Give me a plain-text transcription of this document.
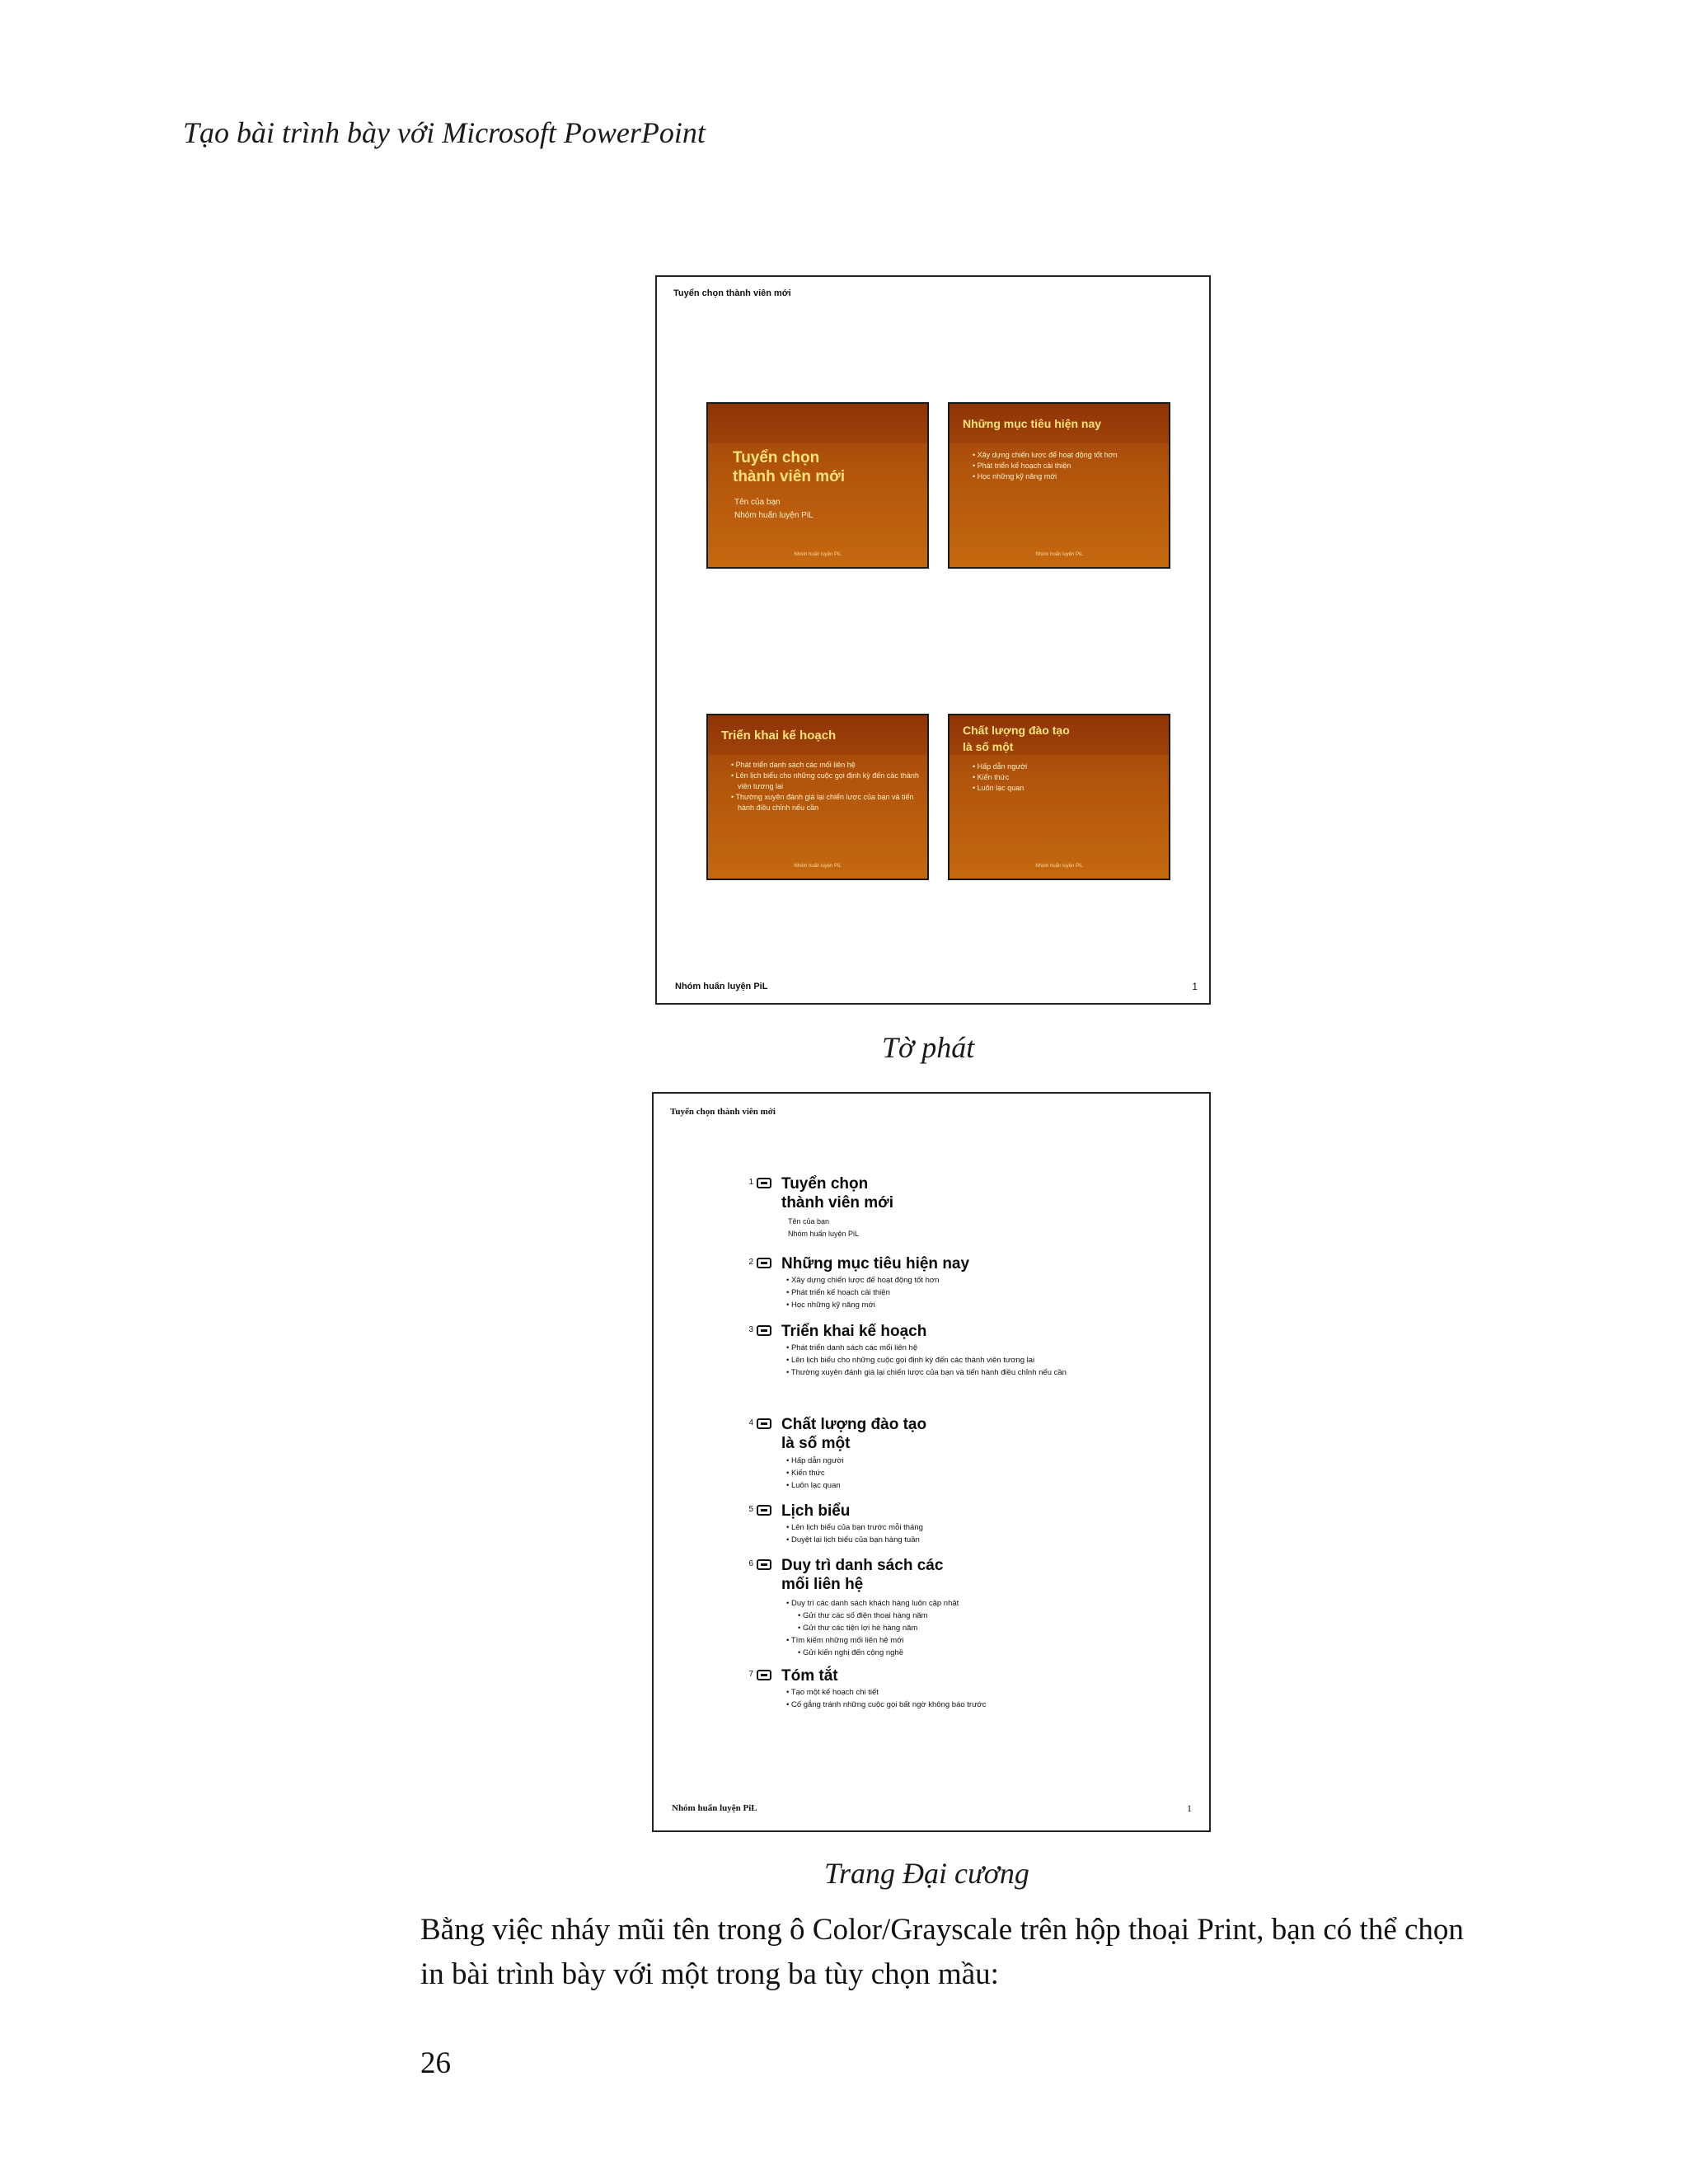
Tạo bài trình bày với Microsoft PowerPoint
Tuyển chọn thành viên mới
Tuyển chọn
thành viên mới
Tên của bạn
Nhóm huấn luyện PiL
Nhóm huấn luyện PiL
Những mục tiêu hiện nay
• Xây dựng chiến lược để hoạt động tốt hơn
• Phát triển kế hoạch cải thiện
• Học những kỹ năng mới
Nhóm huấn luyện PiL
Triển khai kế hoạch
• Phát triển danh sách các mối liên hệ
• Lên lịch biểu cho những cuộc gọi định kỳ đến các thành viên tương lai
• Thường xuyên đánh giá lại chiến lược của bạn và tiến hành điều chỉnh nếu cần
Nhóm huấn luyện PiL
Chất lượng đào tạo
là số một
• Hấp dẫn người
• Kiến thức
• Luôn lạc quan
Nhóm huấn luyện PiL
Nhóm huấn luyện PiL	1
Tờ phát
Tuyển chọn thành viên mới
1 Tuyển chọn
thành viên mới
Tên của bạn
Nhóm huấn luyện PiL
2 Những mục tiêu hiện nay
• Xây dựng chiến lược để hoạt động tốt hơn
• Phát triển kế hoạch cải thiện
• Học những kỹ năng mới
3 Triển khai kế hoạch
• Phát triển danh sách các mối liên hệ
• Lên lịch biểu cho những cuộc gọi định kỳ đến các thành viên tương lai
• Thường xuyên đánh giá lại chiến lược của bạn và tiến hành điều chỉnh nếu cần
4 Chất lượng đào tạo
là số một
• Hấp dẫn người
• Kiến thức
• Luôn lạc quan
5 Lịch biểu
• Lên lịch biểu của bạn trước mỗi tháng
• Duyệt lại lịch biểu của bạn hàng tuần
6 Duy trì danh sách các
mối liên hệ
• Duy trì các danh sách khách hàng luôn cập nhật
• Gửi thư các số điện thoại hàng năm
• Gửi thư các tiện lợi hè hàng năm
• Tìm kiếm những mối liên hệ mới
• Gửi kiến nghị đến cộng nghề
7 Tóm tắt
• Tạo một kế hoạch chi tiết
• Cố gắng tránh những cuộc gọi bất ngờ không báo trước
Nhóm huấn luyện PiL	1
Trang Đại cương
Bằng việc nháy mũi tên trong ô Color/Grayscale trên hộp thoại Print, bạn có thể chọn in bài trình bày với một trong ba tùy chọn mầu:
26
